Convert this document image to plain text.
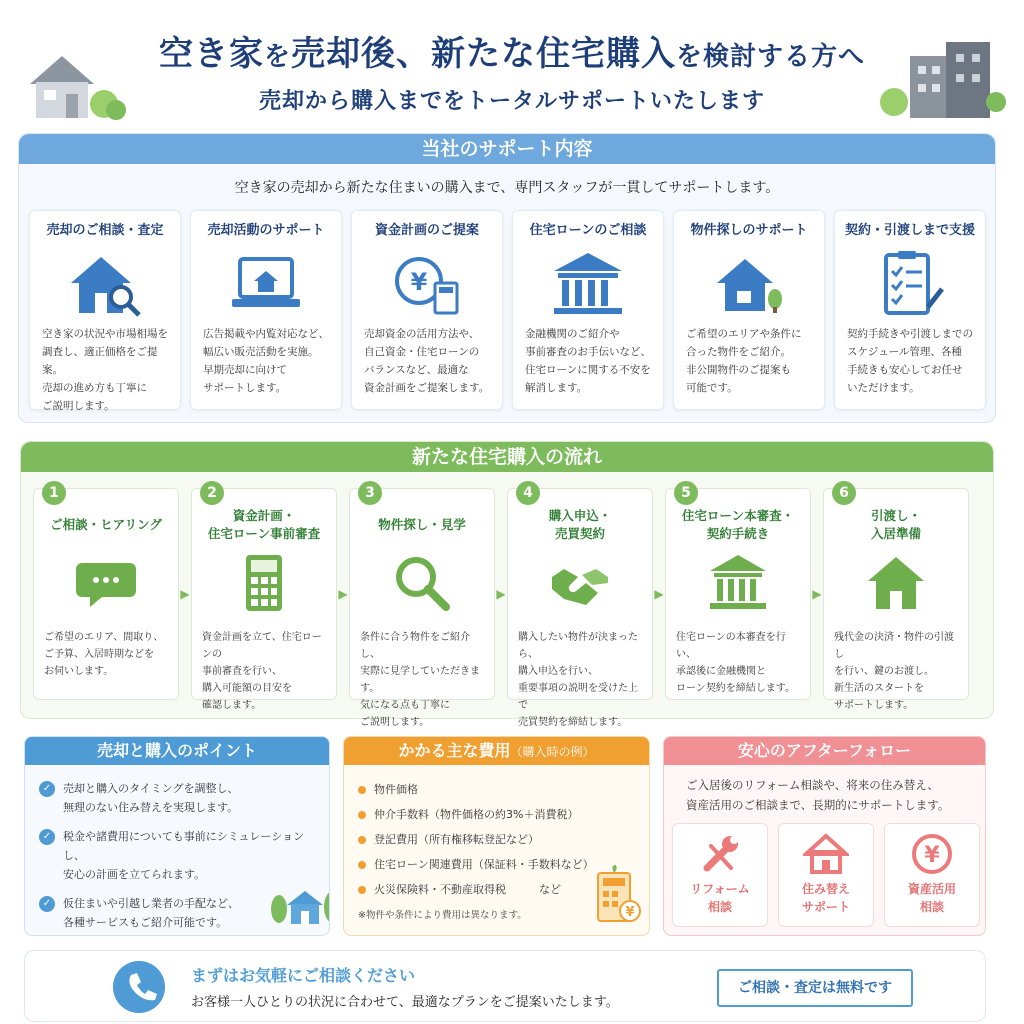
空き家を売却後、新たな住宅購入を検討する方へ
売却から購入までをトータルサポートいたします
当社のサポート内容
空き家の売却から新たな住まいの購入まで、専門スタッフが一貫してサポートします。
売却のご相談・査定
空き家の状況や市場相場を
調査し、適正価格をご提案。
売却の進め方も丁寧に
ご説明します。
売却活動のサポート
広告掲載や内覧対応など、
幅広い販売活動を実施。
早期売却に向けて
サポートします。
資金計画のご提案
¥
売却資金の活用方法や、
自己資金・住宅ローンの
バランスなど、最適な
資金計画をご提案します。
住宅ローンのご相談
金融機関のご紹介や
事前審査のお手伝いなど、
住宅ローンに関する不安を
解消します。
物件探しのサポート
ご希望のエリアや条件に
合った物件をご紹介。
非公開物件のご提案も
可能です。
契約・引渡しまで支援
契約手続きや引渡しまでの
スケジュール管理、各種
手続きも安心してお任せ
いただけます。
新たな住宅購入の流れ
1
ご相談・ヒアリング
ご希望のエリア、間取り、
ご予算、入居時期などを
お伺いします。
▶
2
資金計画・
住宅ローン事前審査
資金計画を立て、住宅ローンの
事前審査を行い、
購入可能額の目安を
確認します。
▶
3
物件探し・見学
条件に合う物件をご紹介し、
実際に見学していただきます。
気になる点も丁寧に
ご説明します。
▶
4
購入申込・
売買契約
購入したい物件が決まったら、
購入申込を行い、
重要事項の説明を受けた上で
売買契約を締結します。
▶
5
住宅ローン本審査・
契約手続き
住宅ローンの本審査を行い、
承認後に金融機関と
ローン契約を締結します。
▶
6
引渡し・
入居準備
残代金の決済・物件の引渡し
を行い、鍵のお渡し。
新生活のスタートを
サポートします。
売却と購入のポイント
✓	売却と購入のタイミングを調整し、
無理のない住み替えを実現します。
✓	税金や諸費用についても事前にシミュレーションし、
安心の計画を立てられます。
✓	仮住まいや引越し業者の手配など、
各種サービスもご紹介可能です。
かかる主な費用（購入時の例）
物件価格
仲介手数料（物件価格の約3%＋消費税）
登記費用（所有権移転登記など）
住宅ローン関連費用（保証料・手数料など）
火災保険料・不動産取得税　　　など
※物件や条件により費用は異なります。	¥
安心のアフターフォロー
ご入居後のリフォーム相談や、将来の住み替え、
資産活用のご相談まで、長期的にサポートします。
リフォーム
相談
住み替え
サポート
¥
資産活用
相談
まずはお気軽にご相談ください
お客様一人ひとりの状況に合わせて、最適なプランをご提案いたします。
ご相談・査定は無料です
